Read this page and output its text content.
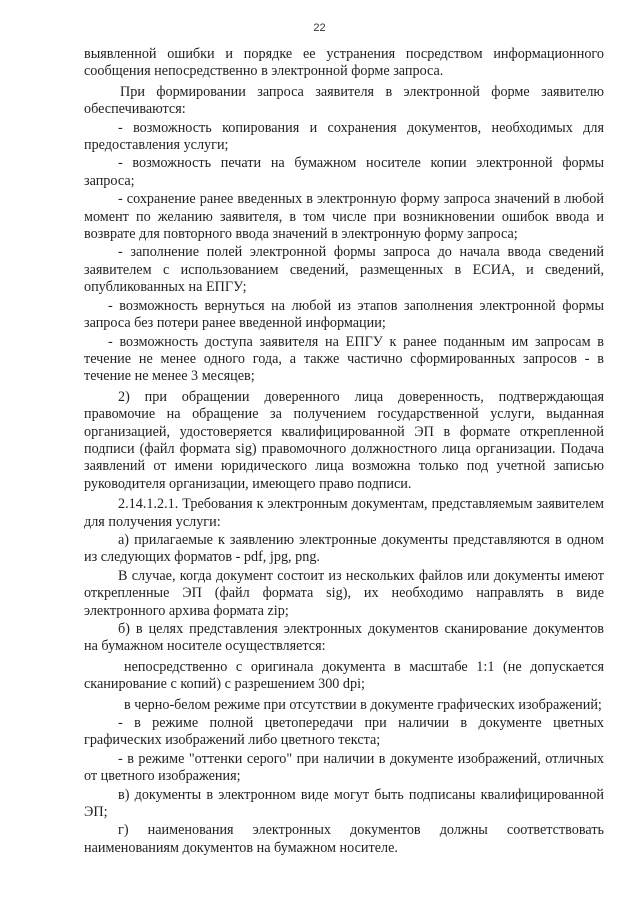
22

выявленной ошибки и порядке ее устранения посредством информационного сообщения непосредственно в электронной форме запроса.

При формировании запроса заявителя в электронной форме заявителю обеспечиваются:

- возможность копирования и сохранения документов, необходимых для предоставления услуги;

- возможность печати на бумажном носителе копии электронной формы запроса;

- сохранение ранее введенных в электронную форму запроса значений в любой момент по желанию заявителя, в том числе при возникновении ошибок ввода и возврате для повторного ввода значений в электронную форму запроса;

- заполнение полей электронной формы запроса до начала ввода сведений заявителем с использованием сведений, размещенных в ЕСИА, и сведений, опубликованных на ЕПГУ;

- возможность вернуться на любой из этапов заполнения электронной формы запроса без потери ранее введенной информации;

- возможность доступа заявителя на ЕПГУ к ранее поданным им запросам в течение не менее одного года, а также частично сформированных запросов - в течение не менее 3 месяцев;

2) при обращении доверенного лица доверенность, подтверждающая правомочие на обращение за получением государственной услуги, выданная организацией, удостоверяется квалифицированной ЭП в формате открепленной подписи (файл формата sig) правомочного должностного лица организации. Подача заявлений от имени юридического лица возможна только под учетной записью руководителя организации, имеющего право подписи.

2.14.1.2.1. Требования к электронным документам, представляемым заявителем для получения услуги:

а) прилагаемые к заявлению электронные документы представляются в одном из следующих форматов - pdf, jpg, png.

В случае, когда документ состоит из нескольких файлов или документы имеют открепленные ЭП (файл формата sig), их необходимо направлять в виде электронного архива формата zip;

б) в целях представления электронных документов сканирование документов на бумажном носителе осуществляется:

непосредственно с оригинала документа в масштабе 1:1 (не допускается сканирование с копий) с разрешением 300 dpi;

в черно-белом режиме при отсутствии в документе графических изображений;

- в режиме полной цветопередачи при наличии в документе цветных графических изображений либо цветного текста;

- в режиме "оттенки серого" при наличии в документе изображений, отличных от цветного изображения;

в) документы в электронном виде могут быть подписаны квалифицированной ЭП;

г) наименования электронных документов должны соответствовать наименованиям документов на бумажном носителе.
